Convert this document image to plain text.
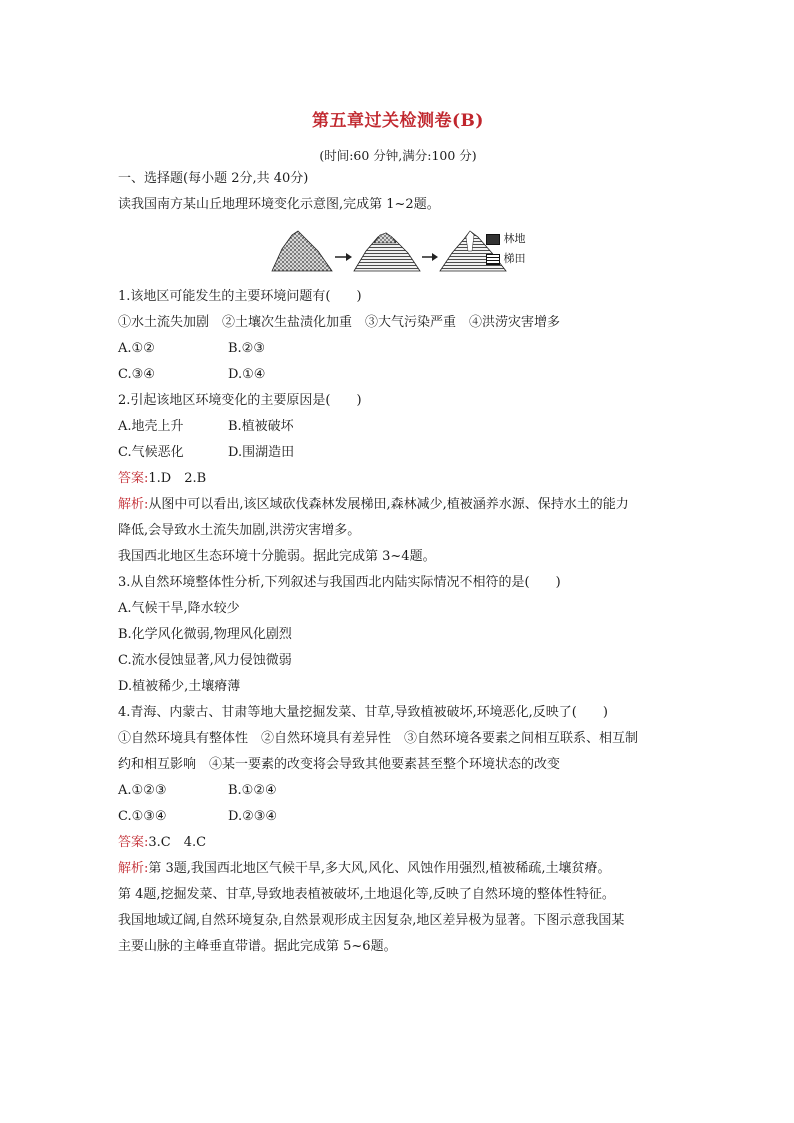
第五章过关检测卷(B)
(时间:60 分钟,满分:100 分)
一、选择题(每小题 2分,共 40分)
读我国南方某山丘地理环境变化示意图,完成第 1~2题。
林地
梯田
1.该地区可能发生的主要环境问题有(　　)
①水土流失加剧　②土壤次生盐渍化加重　③大气污染严重　④洪涝灾害增多
A.①②	B.②③
C.③④	D.①④
2.引起该地区环境变化的主要原因是(　　)
A.地壳上升	B.植被破坏
C.气候恶化	D.围湖造田
答案:1.D　2.B
解析:从图中可以看出,该区域砍伐森林发展梯田,森林减少,植被涵养水源、保持水土的能力
降低,会导致水土流失加剧,洪涝灾害增多。
我国西北地区生态环境十分脆弱。据此完成第 3~4题。
3.从自然环境整体性分析,下列叙述与我国西北内陆实际情况不相符的是(　　)
A.气候干旱,降水较少
B.化学风化微弱,物理风化剧烈
C.流水侵蚀显著,风力侵蚀微弱
D.植被稀少,土壤瘠薄
4.青海、内蒙古、甘肃等地大量挖掘发菜、甘草,导致植被破坏,环境恶化,反映了(　　)
①自然环境具有整体性　②自然环境具有差异性　③自然环境各要素之间相互联系、相互制
约和相互影响　④某一要素的改变将会导致其他要素甚至整个环境状态的改变
A.①②③	B.①②④
C.①③④	D.②③④
答案:3.C　4.C
解析:第 3题,我国西北地区气候干旱,多大风,风化、风蚀作用强烈,植被稀疏,土壤贫瘠。
第 4题,挖掘发菜、甘草,导致地表植被破坏,土地退化等,反映了自然环境的整体性特征。
我国地域辽阔,自然环境复杂,自然景观形成主因复杂,地区差异极为显著。下图示意我国某
主要山脉的主峰垂直带谱。据此完成第 5~6题。
